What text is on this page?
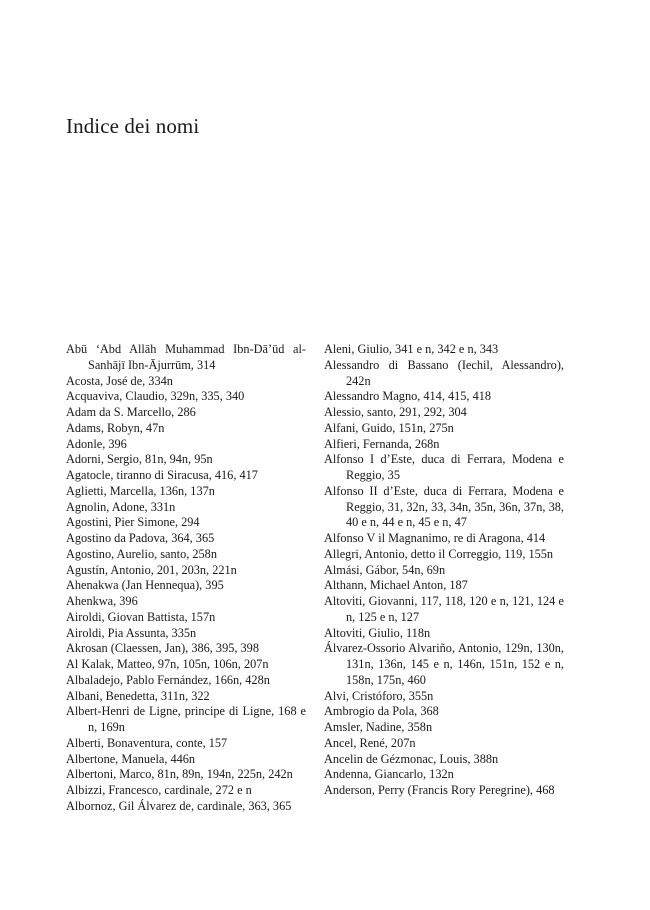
Indice dei nomi

Abū ‘Abd Allāh Muhammad Ibn-Dā’ūd al-Sanhājī Ibn-Ājurrūm, 314

Acosta, José de, 334n

Acquaviva, Claudio, 329n, 335, 340

Adam da S. Marcello, 286

Adams, Robyn, 47n

Adonle, 396

Adorni, Sergio, 81n, 94n, 95n

Agatocle, tiranno di Siracusa, 416, 417

Aglietti, Marcella, 136n, 137n

Agnolin, Adone, 331n

Agostini, Pier Simone, 294

Agostino da Padova, 364, 365

Agostino, Aurelio, santo, 258n

Agustín, Antonio, 201, 203n, 221n

Ahenakwa (Jan Hennequa), 395

Ahenkwa, 396

Airoldi, Giovan Battista, 157n

Airoldi, Pia Assunta, 335n

Akrosan (Claessen, Jan), 386, 395, 398

Al Kalak, Matteo, 97n, 105n, 106n, 207n

Albaladejo, Pablo Fernández, 166n, 428n

Albani, Benedetta, 311n, 322

Albert-Henri de Ligne, principe di Ligne, 168 e n, 169n

Alberti, Bonaventura, conte, 157

Albertone, Manuela, 446n

Albertoni, Marco, 81n, 89n, 194n, 225n, 242n

Albizzi, Francesco, cardinale, 272 e n

Albornoz, Gil Álvarez de, cardinale, 363, 365

Aleni, Giulio, 341 e n, 342 e n, 343

Alessandro di Bassano (Iechil, Alessandro), 242n

Alessandro Magno, 414, 415, 418

Alessio, santo, 291, 292, 304

Alfani, Guido, 151n, 275n

Alfieri, Fernanda, 268n

Alfonso I d’Este, duca di Ferrara, Modena e Reggio, 35

Alfonso II d’Este, duca di Ferrara, Modena e Reggio, 31, 32n, 33, 34n, 35n, 36n, 37n, 38, 40 e n, 44 e n, 45 e n, 47

Alfonso V il Magnanimo, re di Aragona, 414

Allegri, Antonio, detto il Correggio, 119, 155n

Almási, Gábor, 54n, 69n

Althann, Michael Anton, 187

Altoviti, Giovanni, 117, 118, 120 e n, 121, 124 e n, 125 e n, 127

Altoviti, Giulio, 118n

Álvarez-Ossorio Alvariño, Antonio, 129n, 130n, 131n, 136n, 145 e n, 146n, 151n, 152 e n, 158n, 175n, 460

Alvi, Cristóforo, 355n

Ambrogio da Pola, 368

Amsler, Nadine, 358n

Ancel, René, 207n

Ancelin de Gézmonac, Louis, 388n

Andenna, Giancarlo, 132n

Anderson, Perry (Francis Rory Peregrine), 468
